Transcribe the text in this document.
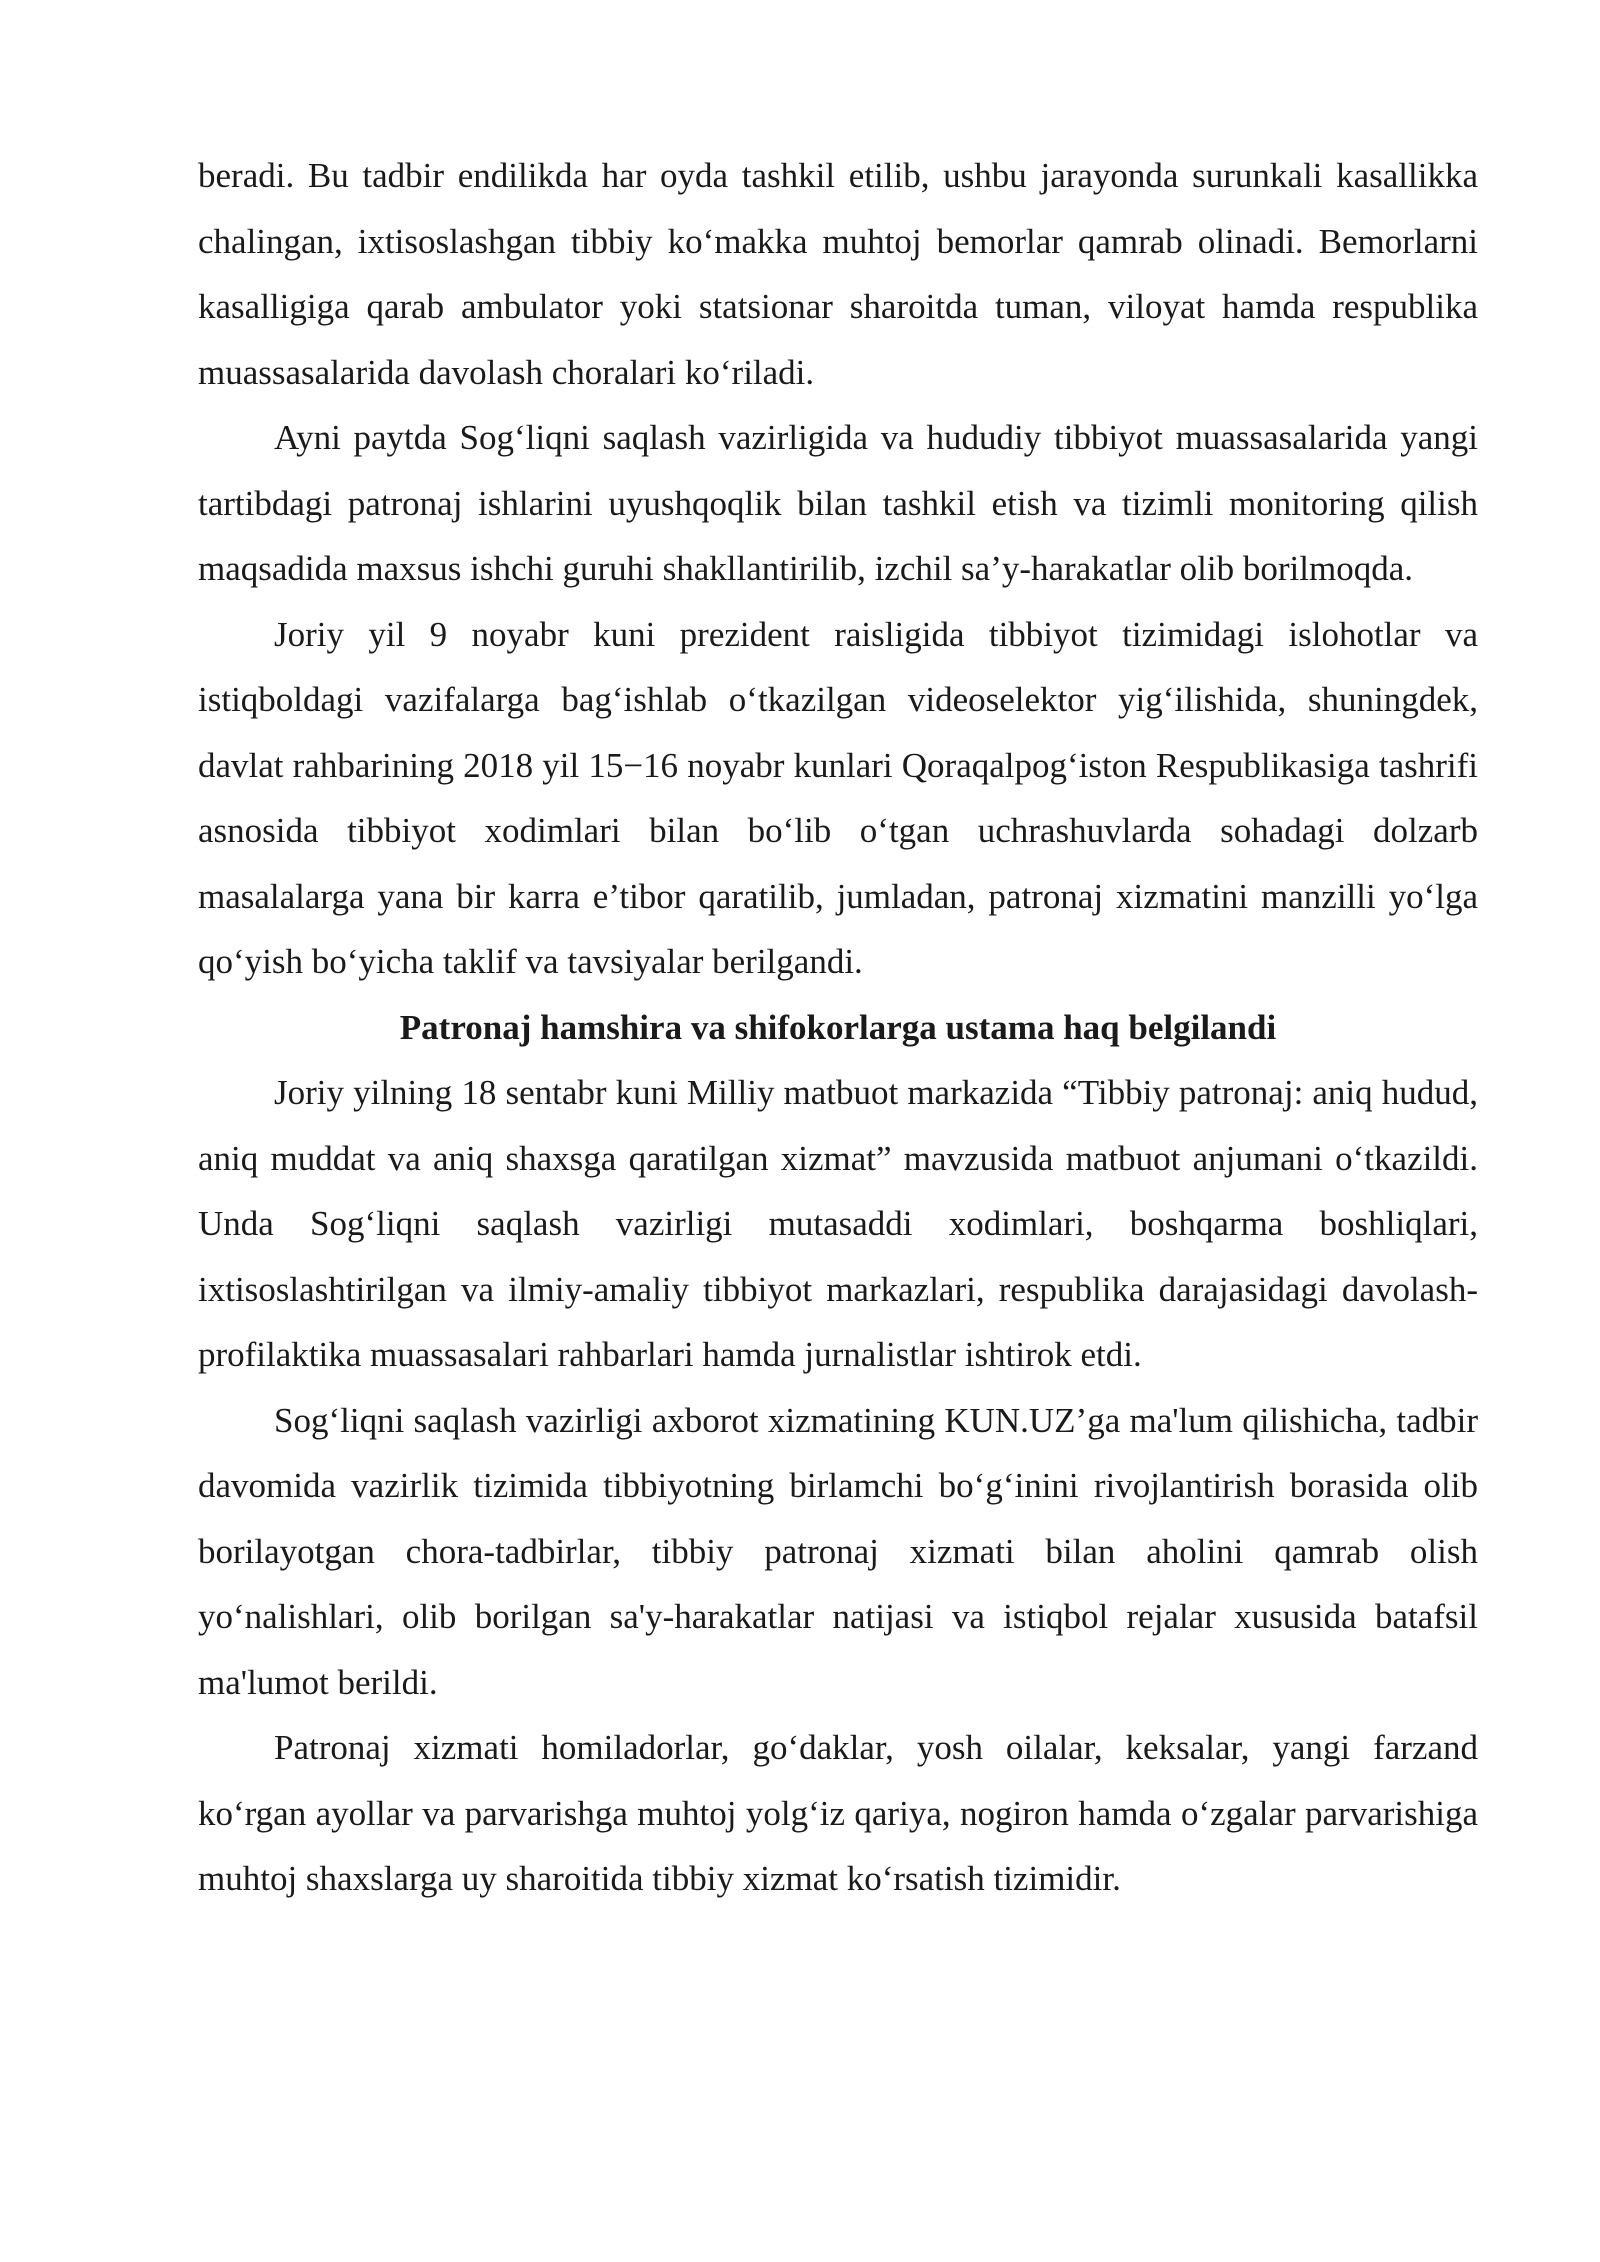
beradi. Bu tadbir endilikda har oyda tashkil etilib, ushbu jarayonda surunkali kasallikka chalingan, ixtisoslashgan tibbiy ko‘makka muhtoj bemorlar qamrab olinadi. Bemorlarni kasalligiga qarab ambulator yoki statsionar sharoitda tuman, viloyat hamda respublika muassasalarida davolash choralari ko‘riladi.

Ayni paytda Sog‘liqni saqlash vazirligida va hududiy tibbiyot muassasalarida yangi tartibdagi patronaj ishlarini uyushqoqlik bilan tashkil etish va tizimli monitoring qilish maqsadida maxsus ishchi guruhi shakllantirilib, izchil sa’y-harakatlar olib borilmoqda.

Joriy yil 9 noyabr kuni prezident raisligida tibbiyot tizimidagi islohotlar va istiqboldagi vazifalarga bag‘ishlab o‘tkazilgan videoselektor yig‘ilishida, shuningdek, davlat rahbarining 2018 yil 15−16 noyabr kunlari Qoraqalpog‘iston Respublikasiga tashrifi asnosida tibbiyot xodimlari bilan bo‘lib o‘tgan uchrashuvlarda sohadagi dolzarb masalalarga yana bir karra e’tibor qaratilib, jumladan, patronaj xizmatini manzilli yo‘lga qo‘yish bo‘yicha taklif va tavsiyalar berilgandi.

Patronaj hamshira va shifokorlarga ustama haq belgilandi

Joriy yilning 18 sentabr kuni Milliy matbuot markazida “Tibbiy patronaj: aniq hudud, aniq muddat va aniq shaxsga qaratilgan xizmat” mavzusida matbuot anjumani o‘tkazildi. Unda Sog‘liqni saqlash vazirligi mutasaddi xodimlari, boshqarma boshliqlari, ixtisoslashtirilgan va ilmiy-amaliy tibbiyot markazlari, respublika darajasidagi davolash-profilaktika muassasalari rahbarlari hamda jurnalistlar ishtirok etdi.

Sog‘liqni saqlash vazirligi axborot xizmatining KUN.UZ’ga ma'lum qilishicha, tadbir davomida vazirlik tizimida tibbiyotning birlamchi bo‘g‘inini rivojlantirish borasida olib borilayotgan chora-tadbirlar, tibbiy patronaj xizmati bilan aholini qamrab olish yo‘nalishlari, olib borilgan sa'y-harakatlar natijasi va istiqbol rejalar xususida batafsil ma'lumot berildi.

Patronaj xizmati homiladorlar, go‘daklar, yosh oilalar, keksalar, yangi farzand ko‘rgan ayollar va parvarishga muhtoj yolg‘iz qariya, nogiron hamda o‘zgalar parvarishiga muhtoj shaxslarga uy sharoitida tibbiy xizmat ko‘rsatish tizimidir.
